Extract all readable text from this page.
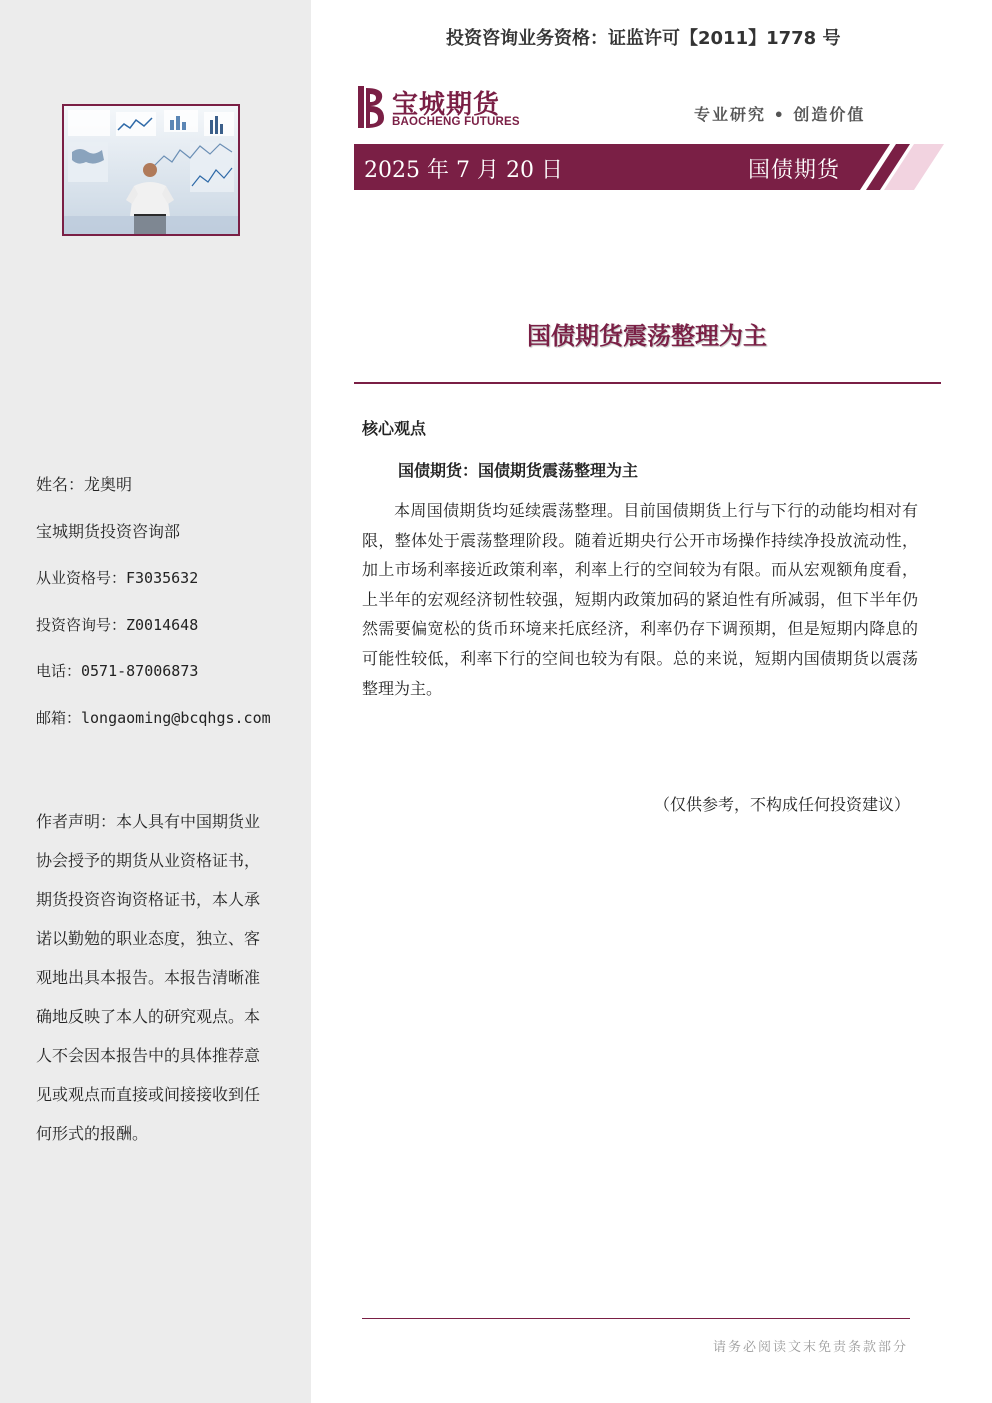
姓名：龙奥明
宝城期货投资咨询部
从业资格号：F3035632
投资咨询号：Z0014648
电话：0571-87006873
邮箱：longaoming@bcqhgs.com
作者声明：本人具有中国期货业协会授予的期货从业资格证书，期货投资咨询资格证书，本人承诺以勤勉的职业态度，独立、客观地出具本报告。本报告清晰准确地反映了本人的研究观点。本人不会因本报告中的具体推荐意见或观点而直接或间接接收到任何形式的报酬。
投资咨询业务资格：证监许可【2011】1778 号
宝城期货
BAOCHENG FUTURES	专业研究 • 创造价值
2025 年 7 月 20 日	国债期货
国债期货震荡整理为主
核心观点
国债期货：国债期货震荡整理为主
本周国债期货均延续震荡整理。目前国债期货上行与下行的动能均相对有限，整体处于震荡整理阶段。随着近期央行公开市场操作持续净投放流动性，加上市场利率接近政策利率，利率上行的空间较为有限。而从宏观额角度看，上半年的宏观经济韧性较强，短期内政策加码的紧迫性有所减弱，但下半年仍然需要偏宽松的货币环境来托底经济，利率仍存下调预期，但是短期内降息的可能性较低，利率下行的空间也较为有限。总的来说，短期内国债期货以震荡整理为主。
（仅供参考，不构成任何投资建议）
请务必阅读文末免责条款部分
